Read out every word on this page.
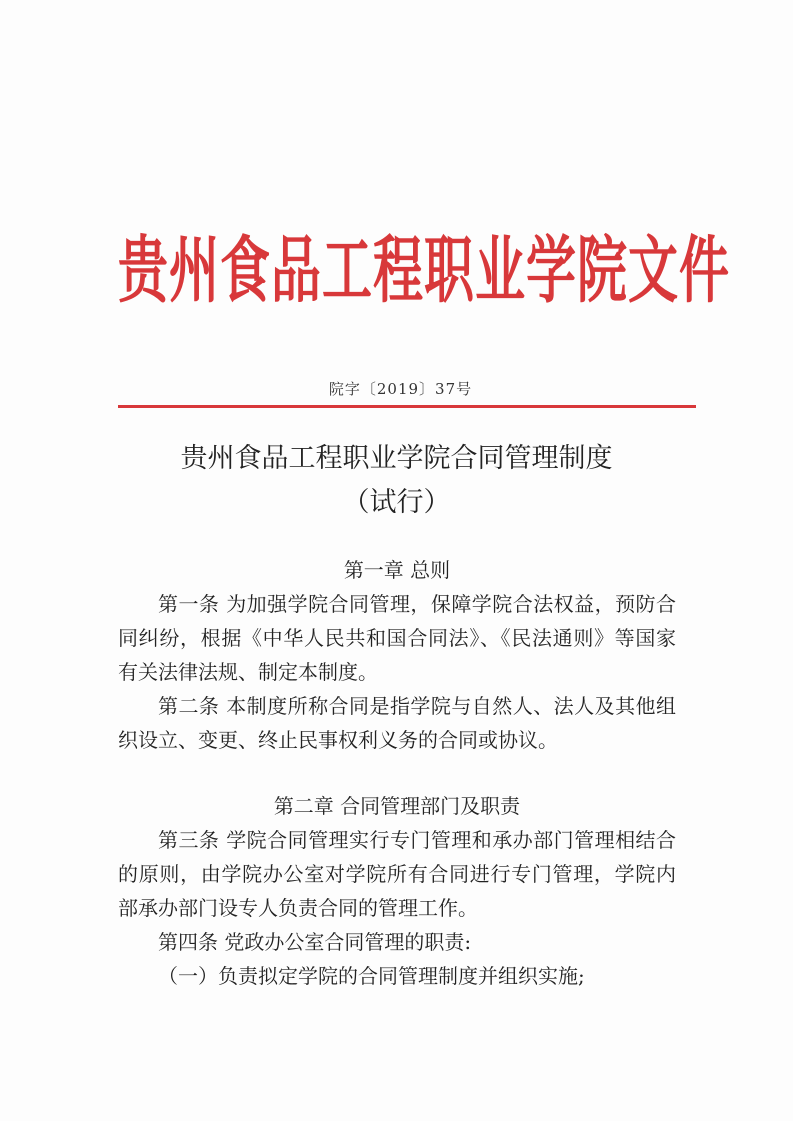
贵州食品工程职业学院文件
院字〔2019〕37号
贵州食品工程职业学院合同管理制度
（试行）

第一章 总则

第一条 为加强学院合同管理，保障学院合法权益，预防合同纠纷，根据《中华人民共和国合同法》、《民法通则》等国家有关法律法规、制定本制度。

第二条 本制度所称合同是指学院与自然人、法人及其他组织设立、变更、终止民事权利义务的合同或协议。

第二章 合同管理部门及职责

第三条 学院合同管理实行专门管理和承办部门管理相结合的原则，由学院办公室对学院所有合同进行专门管理，学院内部承办部门设专人负责合同的管理工作。

第四条 党政办公室合同管理的职责:

（一）负责拟定学院的合同管理制度并组织实施;
